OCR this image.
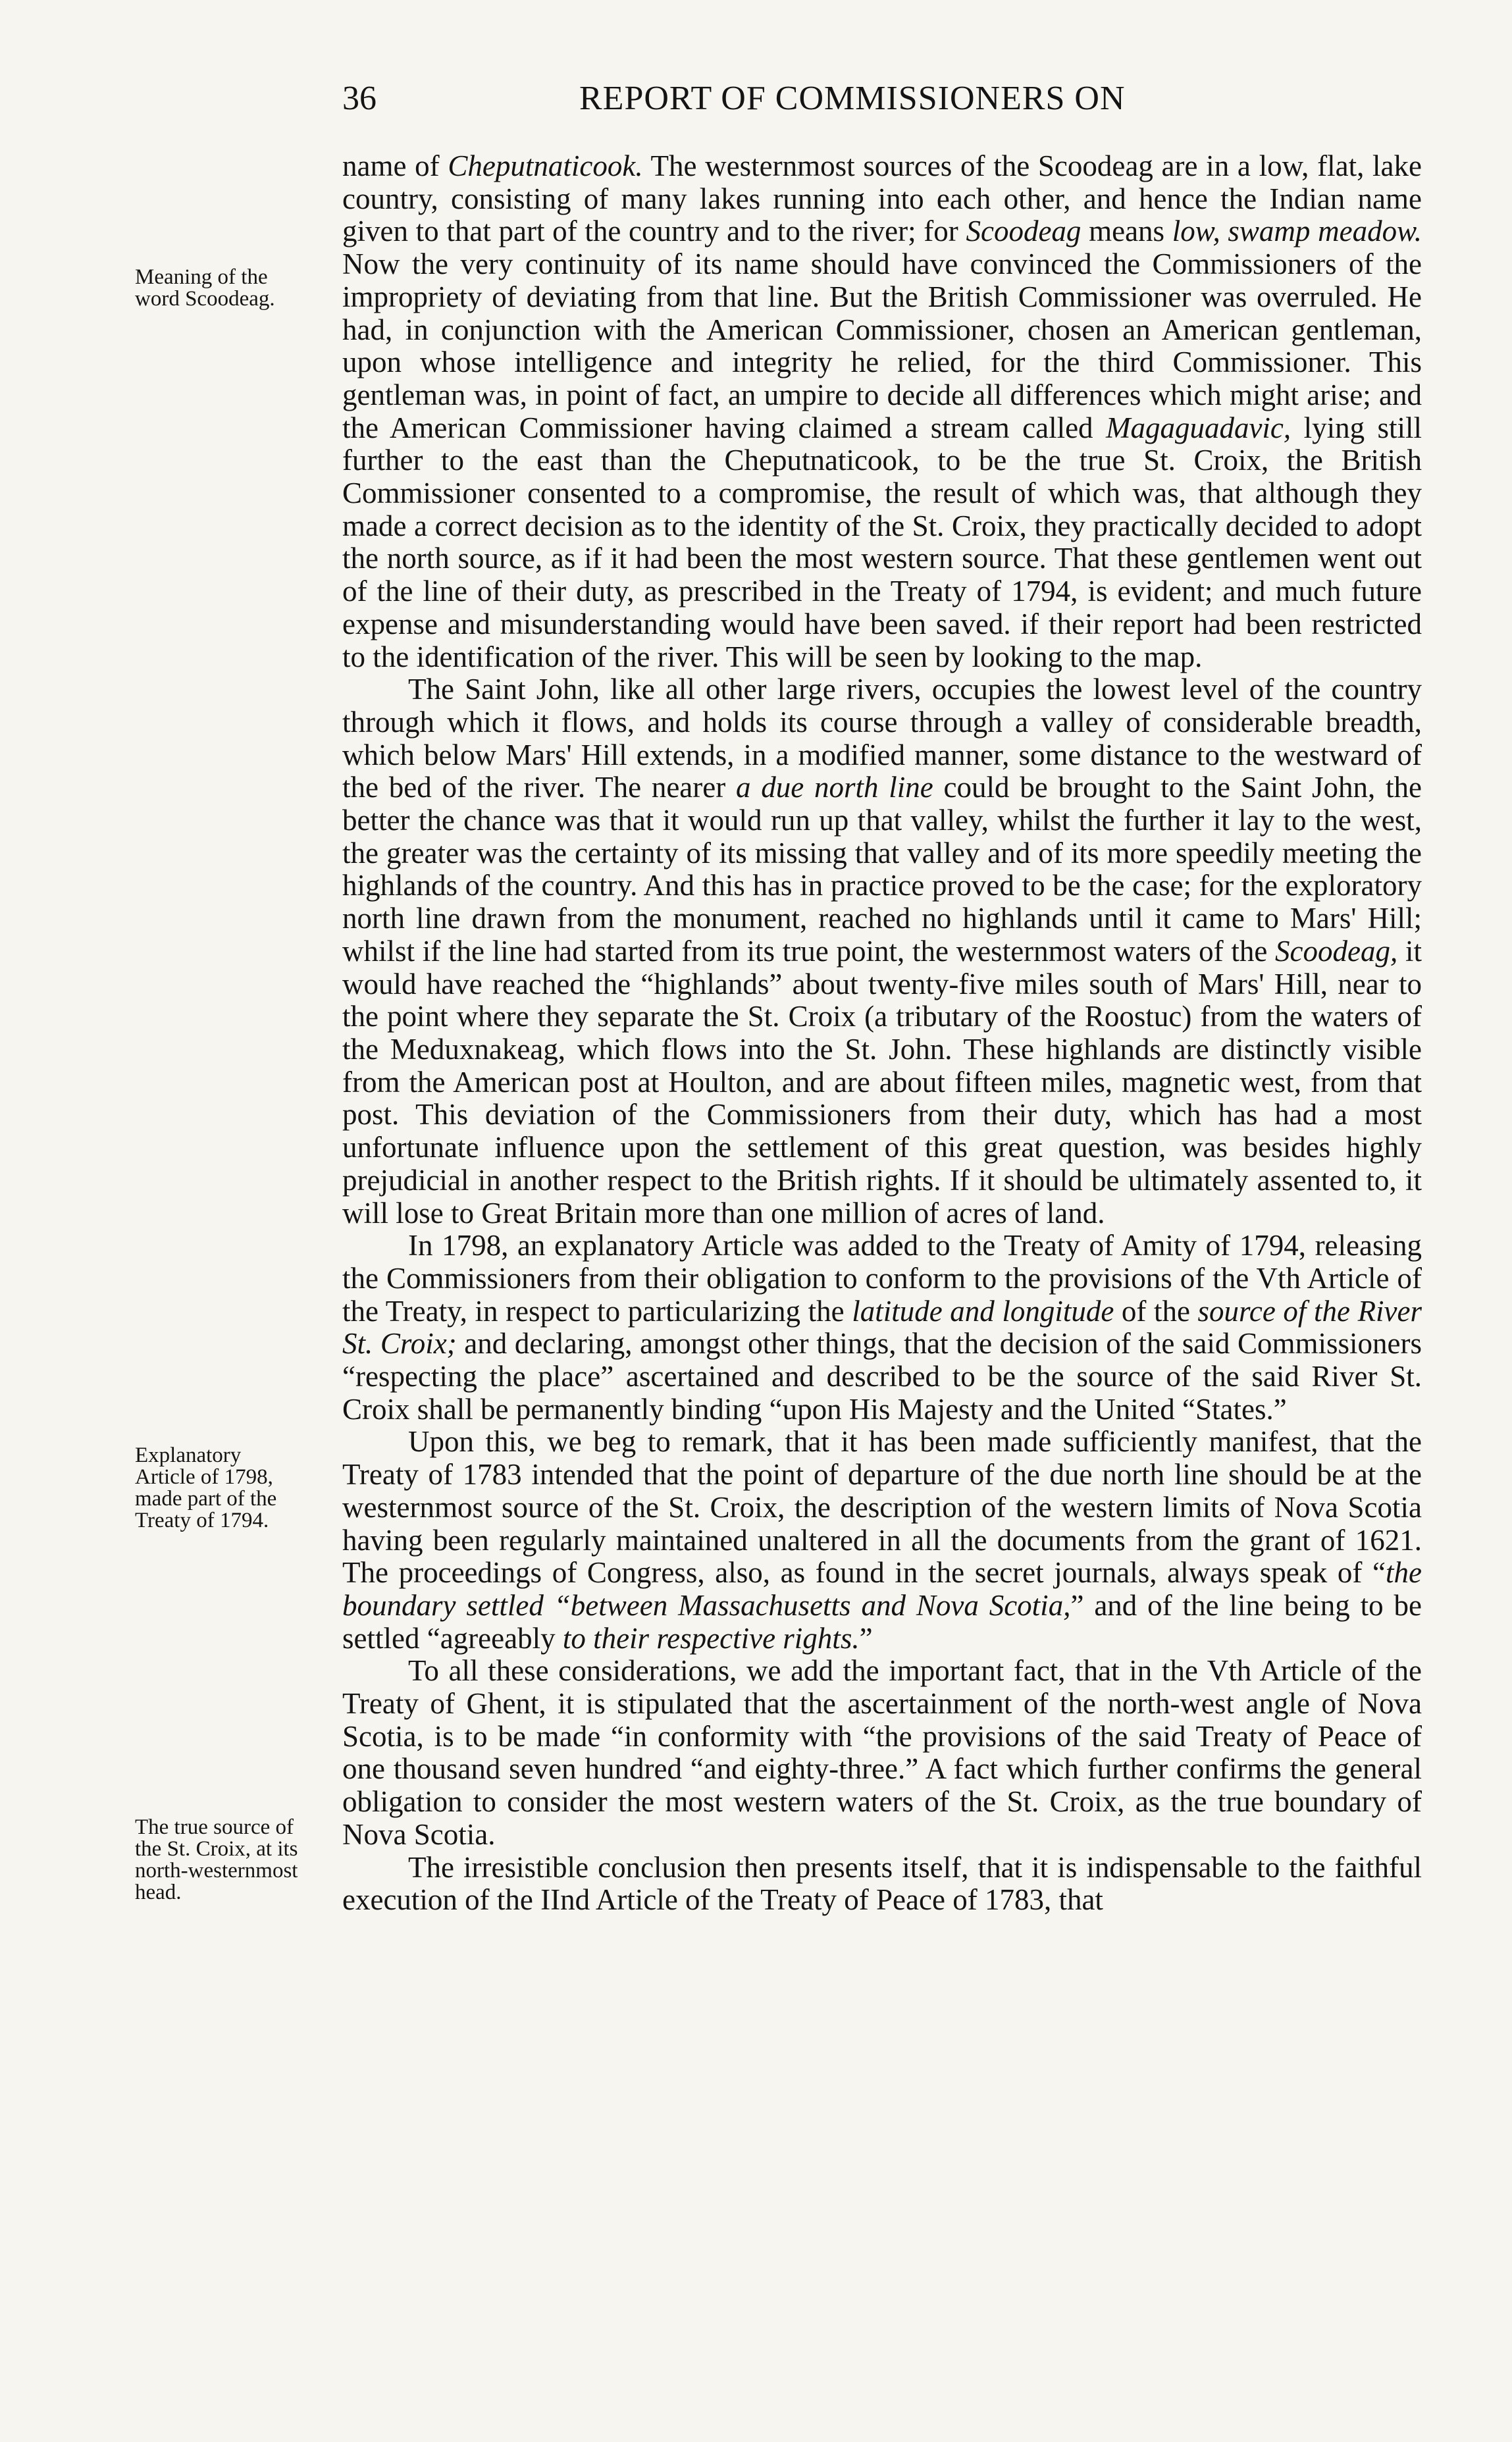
36	REPORT OF COMMISSIONERS ON
Meaning of the
word Scoodeag.
Explanatory
Article of 1798,
made part of the
Treaty of 1794.
The true source of
the St. Croix, at its
north-westernmost
head.

name of Cheputnaticook. The westernmost sources of the Scoodeag are in a low, flat, lake country, consisting of many lakes running into each other, and hence the Indian name given to that part of the country and to the river; for Scoodeag means low, swamp meadow. Now the very continuity of its name should have convinced the Commissioners of the impropriety of deviating from that line. But the British Commissioner was overruled. He had, in conjunction with the American Commissioner, chosen an American gentleman, upon whose intelligence and integrity he relied, for the third Commissioner. This gentleman was, in point of fact, an umpire to decide all differences which might arise; and the American Commissioner having claimed a stream called Magaguadavic, lying still further to the east than the Cheputnaticook, to be the true St. Croix, the British Commissioner consented to a compromise, the result of which was, that although they made a correct decision as to the identity of the St. Croix, they practically decided to adopt the north source, as if it had been the most western source. That these gentlemen went out of the line of their duty, as prescribed in the Treaty of 1794, is evident; and much future expense and misunderstanding would have been saved. if their report had been restricted to the identification of the river. This will be seen by looking to the map.

The Saint John, like all other large rivers, occupies the lowest level of the country through which it flows, and holds its course through a valley of considerable breadth, which below Mars' Hill extends, in a modified manner, some distance to the westward of the bed of the river. The nearer a due north line could be brought to the Saint John, the better the chance was that it would run up that valley, whilst the further it lay to the west, the greater was the certainty of its missing that valley and of its more speedily meeting the highlands of the country. And this has in practice proved to be the case; for the exploratory north line drawn from the monument, reached no highlands until it came to Mars' Hill; whilst if the line had started from its true point, the westernmost waters of the Scoodeag, it would have reached the “highlands” about twenty-five miles south of Mars' Hill, near to the point where they separate the St. Croix (a tributary of the Roostuc) from the waters of the Meduxnakeag, which flows into the St. John. These highlands are distinctly visible from the American post at Houlton, and are about fifteen miles, magnetic west, from that post. This deviation of the Commissioners from their duty, which has had a most unfortunate influence upon the settlement of this great question, was besides highly prejudicial in another respect to the British rights. If it should be ultimately assented to, it will lose to Great Britain more than one million of acres of land.

In 1798, an explanatory Article was added to the Treaty of Amity of 1794, releasing the Commissioners from their obligation to conform to the provisions of the Vth Article of the Treaty, in respect to particularizing the latitude and longitude of the source of the River St. Croix; and declaring, amongst other things, that the decision of the said Commissioners “respecting the place” ascertained and described to be the source of the said River St. Croix shall be permanently binding “upon His Majesty and the United “States.”

Upon this, we beg to remark, that it has been made sufficiently manifest, that the Treaty of 1783 intended that the point of departure of the due north line should be at the westernmost source of the St. Croix, the description of the western limits of Nova Scotia having been regularly maintained unaltered in all the documents from the grant of 1621. The proceedings of Congress, also, as found in the secret journals, always speak of “the boundary settled “between Massachusetts and Nova Scotia,” and of the line being to be settled “agreeably to their respective rights.”

To all these considerations, we add the important fact, that in the Vth Article of the Treaty of Ghent, it is stipulated that the ascertainment of the north-west angle of Nova Scotia, is to be made “in conformity with “the provisions of the said Treaty of Peace of one thousand seven hundred “and eighty-three.” A fact which further confirms the general obligation to consider the most western waters of the St. Croix, as the true boundary of Nova Scotia.

The irresistible conclusion then presents itself, that it is indispensable to the faithful execution of the IInd Article of the Treaty of Peace of 1783, that
